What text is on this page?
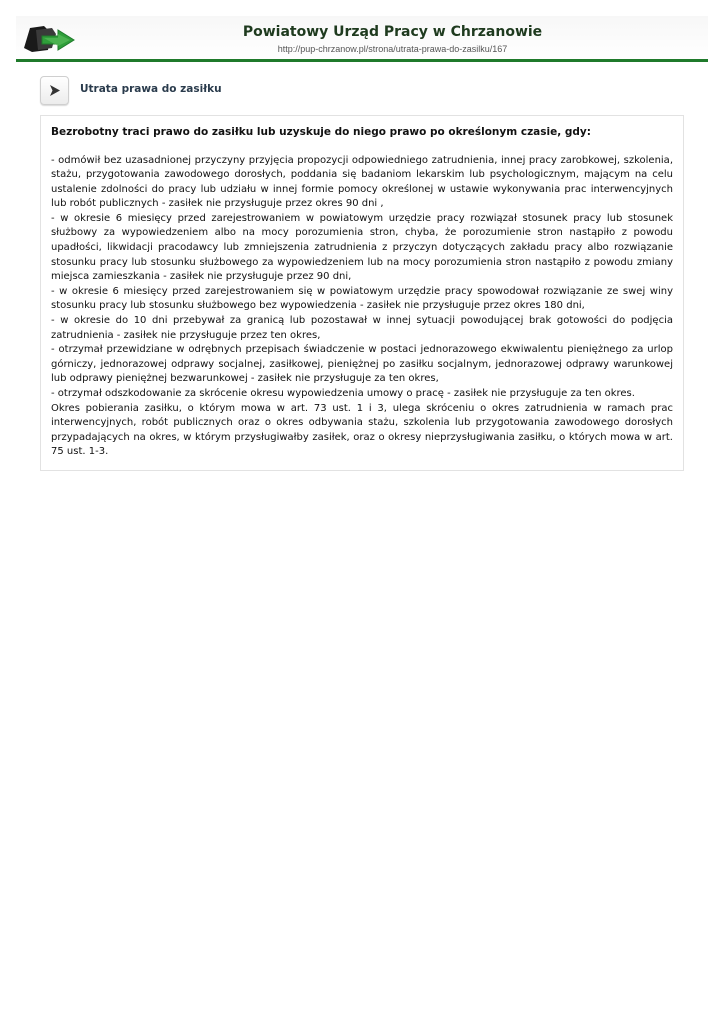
Powiatowy Urząd Pracy w Chrzanowie
http://pup-chrzanow.pl/strona/utrata-prawa-do-zasilku/167
Utrata prawa do zasiłku

Bezrobotny traci prawo do zasiłku lub uzyskuje do niego prawo po określonym czasie, gdy:

- odmówił bez uzasadnionej przyczyny przyjęcia propozycji odpowiedniego zatrudnienia, innej pracy zarobkowej, szkolenia, stażu, przygotowania zawodowego dorosłych, poddania się badaniom lekarskim lub psychologicznym, mającym na celu ustalenie zdolności do pracy lub udziału w innej formie pomocy określonej w ustawie wykonywania prac interwencyjnych lub robót publicznych - zasiłek nie przysługuje przez okres 90 dni ,

- w okresie 6 miesięcy przed zarejestrowaniem w powiatowym urzędzie pracy rozwiązał stosunek pracy lub stosunek służbowy za wypowiedzeniem albo na mocy porozumienia stron, chyba, że porozumienie stron nastąpiło z powodu upadłości, likwidacji pracodawcy lub zmniejszenia zatrudnienia z przyczyn dotyczących zakładu pracy albo rozwiązanie stosunku pracy lub stosunku służbowego za wypowiedzeniem lub na mocy porozumienia stron nastąpiło z powodu zmiany miejsca zamieszkania - zasiłek nie przysługuje przez 90 dni,

- w okresie 6 miesięcy przed zarejestrowaniem się w powiatowym urzędzie pracy spowodował rozwiązanie ze swej winy stosunku pracy lub stosunku służbowego bez wypowiedzenia - zasiłek nie przysługuje przez okres 180 dni,

- w okresie do 10 dni przebywał za granicą lub pozostawał w innej sytuacji powodującej brak gotowości do podjęcia zatrudnienia - zasiłek nie przysługuje przez ten okres,

- otrzymał przewidziane w odrębnych przepisach świadczenie w postaci jednorazowego ekwiwalentu pieniężnego za urlop górniczy, jednorazowej odprawy socjalnej, zasiłkowej, pieniężnej po zasiłku socjalnym, jednorazowej odprawy warunkowej lub odprawy pieniężnej bezwarunkowej - zasiłek nie przysługuje za ten okres,

- otrzymał odszkodowanie za skrócenie okresu wypowiedzenia umowy o pracę - zasiłek nie przysługuje za ten okres.

Okres pobierania zasiłku, o którym mowa w art. 73 ust. 1 i 3, ulega skróceniu o okres zatrudnienia w ramach prac interwencyjnych, robót publicznych oraz o okres odbywania stażu, szkolenia lub przygotowania zawodowego dorosłych przypadających na okres, w którym przysługiwałby zasiłek, oraz o okresy nieprzysługiwania zasiłku, o których mowa w art. 75 ust. 1-3.
